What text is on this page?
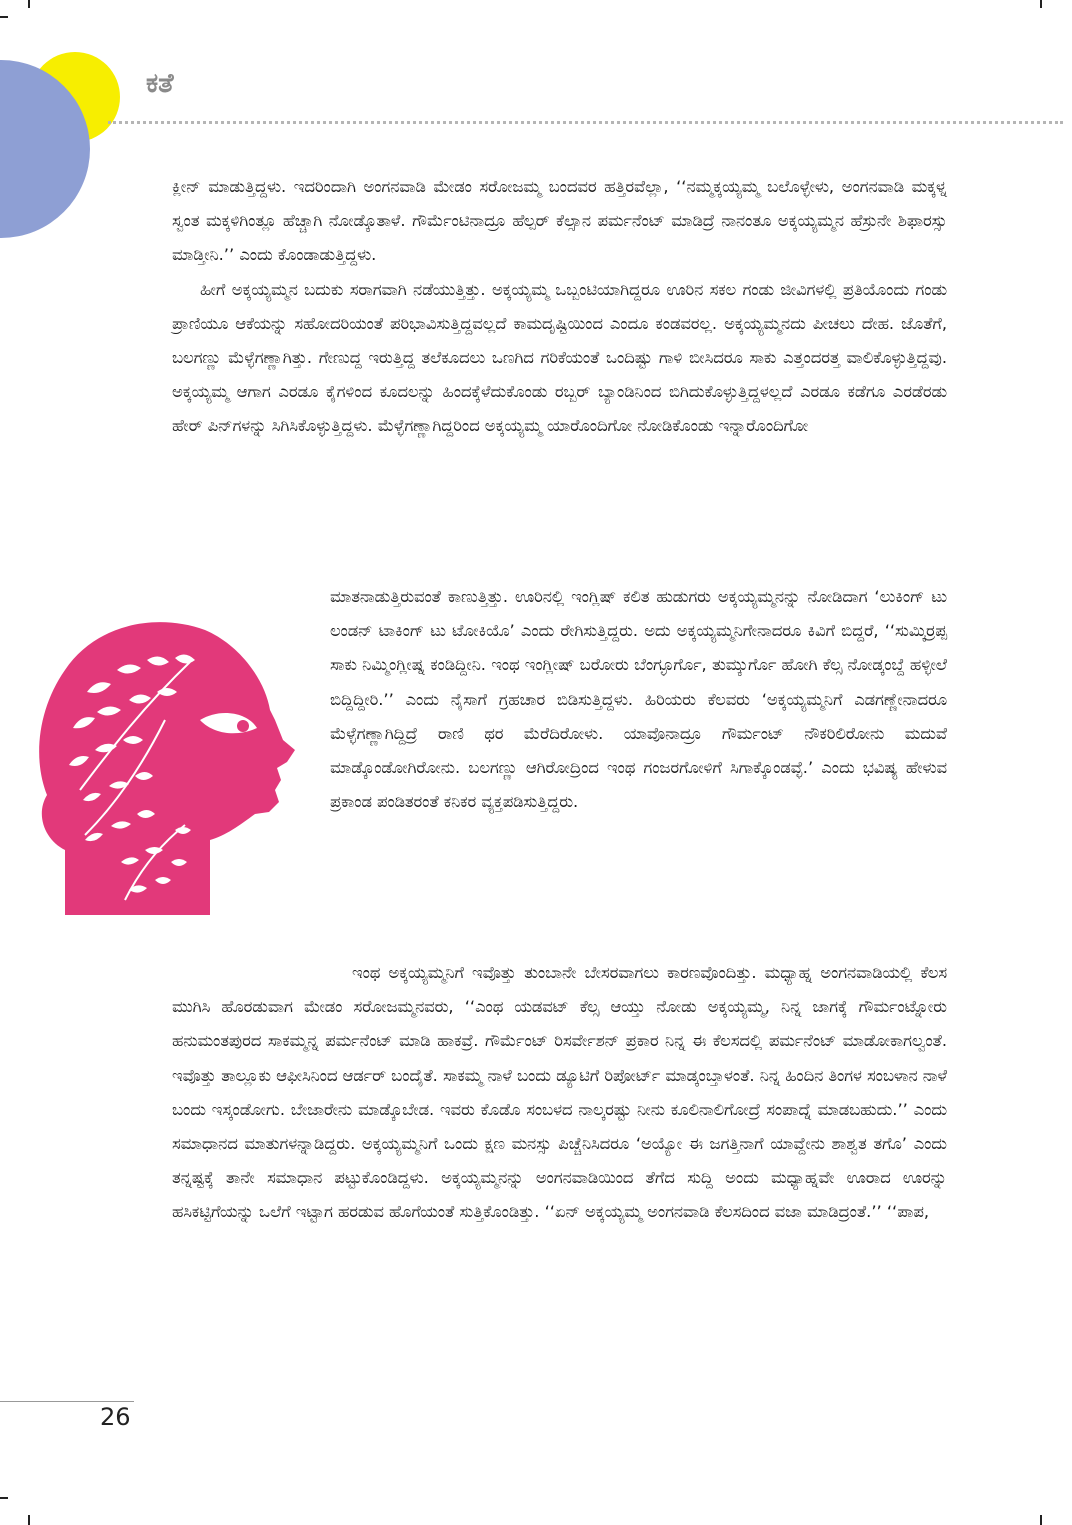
ಕತೆ

ಕ್ಲೀನ್ ಮಾಡುತ್ತಿದ್ದಳು. ಇದರಿಂದಾಗಿ ಅಂಗನವಾಡಿ ಮೇಡಂ ಸರೋಜಮ್ಮ ಬಂದವರ ಹತ್ತಿರವೆಲ್ಲಾ, ‘‘ನಮ್ಮಕ್ಕಯ್ಯಮ್ಮ ಬಲೊಳ್ಳೇಳು, ಅಂಗನವಾಡಿ ಮಕ್ಕಳ್ನ ಸ್ವಂತ ಮಕ್ಕಳಿಗಿಂತ್ಲೂ ಹೆಚ್ಚಾಗಿ ನೋಡ್ಕೊತಾಳೆ. ಗೌರ್ಮೆಂಟಿನಾದ್ರೂ ಹೆಲ್ಪರ್ ಕೆಲ್ಸಾನ ಪರ್ಮನೆಂಟ್ ಮಾಡಿದ್ರೆ ನಾನಂತೂ ಅಕ್ಕಯ್ಯಮ್ಮನ ಹೆಸ್ರುನೇ ಶಿಫಾರಸ್ಸು ಮಾಡ್ತೀನಿ.’’ ಎಂದು ಕೊಂಡಾಡುತ್ತಿದ್ದಳು.

ಹೀಗೆ ಅಕ್ಕಯ್ಯಮ್ಮನ ಬದುಕು ಸರಾಗವಾಗಿ ನಡೆಯುತ್ತಿತ್ತು. ಅಕ್ಕಯ್ಯಮ್ಮ ಒಬ್ಬಂಟಿಯಾಗಿದ್ದರೂ ಊರಿನ ಸಕಲ ಗಂಡು ಜೀವಿಗಳಲ್ಲಿ ಪ್ರತಿಯೊಂದು ಗಂಡು ಪ್ರಾಣಿಯೂ ಆಕೆಯನ್ನು ಸಹೋದರಿಯಂತೆ ಪರಿಭಾವಿಸುತ್ತಿದ್ದವಲ್ಲದೆ ಕಾಮದೃಷ್ಟಿಯಿಂದ ಎಂದೂ ಕಂಡವರಲ್ಲ. ಅಕ್ಕಯ್ಯಮ್ಮನದು ಪೀಚಲು ದೇಹ. ಜೊತೆಗೆ, ಬಲಗಣ್ಣು ಮೆಳ್ಳೆಗಣ್ಣಾಗಿತ್ತು. ಗೇಣುದ್ದ ಇರುತ್ತಿದ್ದ ತಲೆಕೂದಲು ಒಣಗಿದ ಗರಿಕೆಯಂತೆ ಒಂದಿಷ್ಟು ಗಾಳಿ ಬೀಸಿದರೂ ಸಾಕು ಎತ್ತಂದರತ್ತ ವಾಲಿಕೊಳ್ಳುತ್ತಿದ್ದವು. ಅಕ್ಕಯ್ಯಮ್ಮ ಆಗಾಗ ಎರಡೂ ಕೈಗಳಿಂದ ಕೂದಲನ್ನು ಹಿಂದಕ್ಕೆಳೆದುಕೊಂಡು ರಬ್ಬರ್ ಬ್ಯಾಂಡಿನಿಂದ ಬಿಗಿದುಕೊಳ್ಳುತ್ತಿದ್ದಳಲ್ಲದೆ ಎರಡೂ ಕಡೆಗೂ ಎರಡೆರಡು ಹೇರ್ ಪಿನ್‌ಗಳನ್ನು ಸಿಗಿಸಿಕೊಳ್ಳುತ್ತಿದ್ದಳು. ಮೆಳ್ಳೆಗಣ್ಣಾಗಿದ್ದರಿಂದ ಅಕ್ಕಯ್ಯಮ್ಮ ಯಾರೊಂದಿಗೋ ನೋಡಿಕೊಂಡು ಇನ್ನಾರೊಂದಿಗೋ

ಮಾತನಾಡುತ್ತಿರುವಂತೆ ಕಾಣುತ್ತಿತ್ತು. ಊರಿನಲ್ಲಿ ಇಂಗ್ಲಿಷ್ ಕಲಿತ ಹುಡುಗರು ಅಕ್ಕಯ್ಯಮ್ಮನನ್ನು ನೋಡಿದಾಗ ‘ಲುಕಿಂಗ್ ಟು ಲಂಡನ್ ಟಾಕಿಂಗ್ ಟು ಟೋಕಿಯೊ’ ಎಂದು ರೇಗಿಸುತ್ತಿದ್ದರು. ಅದು ಅಕ್ಕಯ್ಯಮ್ಮನಿಗೇನಾದರೂ ಕಿವಿಗೆ ಬಿದ್ದರೆ, ‘‘ಸುಮ್ಕಿರ್ರಪ್ಪ ಸಾಕು ನಿಮ್ಮಿಂಗ್ಲೀಷ್ನ ಕಂಡಿದ್ದೀನಿ. ಇಂಥ ಇಂಗ್ಲೀಷ್ ಬರೋರು ಬೆಂಗ್ಳೂರ್ಗೊ, ತುಮ್ಕುರ್ಗೊ ಹೋಗಿ ಕೆಲ್ಸ ನೋಡ್ಕಂಬ್ದೆ ಹಳ್ಳೀಲೆ ಬಿದ್ದಿದ್ದೀರಿ.’’ ಎಂದು ನೈಸಾಗೆ ಗ್ರಹಚಾರ ಬಿಡಿಸುತ್ತಿದ್ದಳು. ಹಿರಿಯರು ಕೆಲವರು ‘ಅಕ್ಕಯ್ಯಮ್ಮನಿಗೆ ಎಡಗಣ್ಣೇನಾದರೂ ಮೆಳ್ಳೆಗಣ್ಣಾಗಿದ್ದಿದ್ರೆ ರಾಣಿ ಥರ ಮೆರೆದಿರೋಳು. ಯಾವೊನಾದ್ರೂ ಗೌರ್ಮಂಟ್ ನೌಕರಿಲಿರೋನು ಮದುವೆ ಮಾಡ್ಕೊಂಡೋಗಿರೋನು. ಬಲಗಣ್ಣು ಆಗಿರೋದ್ರಿಂದ ಇಂಥ ಗಂಜರಗೋಳಿಗೆ ಸಿಗಾಕ್ಕೊಂಡವ್ಳೆ.’ ಎಂದು ಭವಿಷ್ಯ ಹೇಳುವ ಪ್ರಕಾಂಡ ಪಂಡಿತರಂತೆ ಕನಿಕರ ವ್ಯಕ್ತಪಡಿಸುತ್ತಿದ್ದರು.

ಇಂಥ ಅಕ್ಕಯ್ಯಮ್ಮನಿಗೆ ಇವೊತ್ತು ತುಂಬಾನೇ ಬೇಸರವಾಗಲು ಕಾರಣವೊಂದಿತ್ತು. ಮಧ್ಯಾಹ್ನ ಅಂಗನವಾಡಿಯಲ್ಲಿ ಕೆಲಸ ಮುಗಿಸಿ ಹೊರಡುವಾಗ ಮೇಡಂ ಸರೋಜಮ್ಮನವರು, ‘‘ಎಂಥ ಯಡವಟ್ ಕೆಲ್ಸ ಆಯ್ತು ನೋಡು ಅಕ್ಕಯ್ಯಮ್ಮ, ನಿನ್ನ ಜಾಗಕ್ಕೆ ಗೌರ್ಮಂಟ್ನೋರು ಹನುಮಂತಪುರದ ಸಾಕಮ್ಮನ್ನ ಪರ್ಮನೆಂಟ್ ಮಾಡಿ ಹಾಕವ್ರೆ. ಗೌರ್ಮೆಂಟ್ ರಿಸರ್ವೇಶನ್ ಪ್ರಕಾರ ನಿನ್ನ ಈ ಕೆಲಸದಲ್ಲಿ ಪರ್ಮನೆಂಟ್ ಮಾಡೋಕಾಗಲ್ವಂತೆ. ಇವೊತ್ತು ತಾಲ್ಲೂಕು ಆಫೀಸಿನಿಂದ ಆರ್ಡರ್ ಬಂದೈತೆ. ಸಾಕಮ್ಮ ನಾಳೆ ಬಂದು ಡ್ಯೂಟಿಗೆ ರಿಪೋರ್ಟ್ ಮಾಡ್ಕಂಬ್ತಾಳಂತೆ. ನಿನ್ನ ಹಿಂದಿನ ತಿಂಗಳ ಸಂಬಳಾನ ನಾಳೆ ಬಂದು ಇಸ್ಕಂಡೋಗು. ಬೇಜಾರೇನು ಮಾಡ್ಕೊಬೇಡ. ಇವರು ಕೊಡೊ ಸಂಬಳದ ನಾಲ್ಕರಷ್ಟು ನೀನು ಕೂಲಿನಾಲಿಗೋದ್ರೆ ಸಂಪಾದ್ನೆ ಮಾಡಬಹುದು.’’ ಎಂದು ಸಮಾಧಾನದ ಮಾತುಗಳನ್ನಾಡಿದ್ದರು. ಅಕ್ಕಯ್ಯಮ್ಮನಿಗೆ ಒಂದು ಕ್ಷಣ ಮನಸ್ಸು ಪಿಚ್ಚೆನಿಸಿದರೂ ‘ಅಯ್ಯೋ ಈ ಜಗತ್ತಿನಾಗೆ ಯಾವ್ದೇನು ಶಾಶ್ವತ ತಗೊ’ ಎಂದು ತನ್ನಷ್ಟಕ್ಕೆ ತಾನೇ ಸಮಾಧಾನ ಪಟ್ಟುಕೊಂಡಿದ್ದಳು. ಅಕ್ಕಯ್ಯಮ್ಮನನ್ನು ಅಂಗನವಾಡಿಯಿಂದ ತೆಗೆದ ಸುದ್ದಿ ಅಂದು ಮಧ್ಯಾಹ್ನವೇ ಊರಾದ ಊರನ್ನು ಹಸಿಕಟ್ಟಿಗೆಯನ್ನು ಒಲೆಗೆ ಇಟ್ಟಾಗ ಹರಡುವ ಹೊಗೆಯಂತೆ ಸುತ್ತಿಕೊಂಡಿತ್ತು. ‘‘ಏನ್ ಅಕ್ಕಯ್ಯಮ್ಮ ಅಂಗನವಾಡಿ ಕೆಲಸದಿಂದ ವಜಾ ಮಾಡಿದ್ರಂತೆ.’’ ‘‘ಪಾಪ,

26
